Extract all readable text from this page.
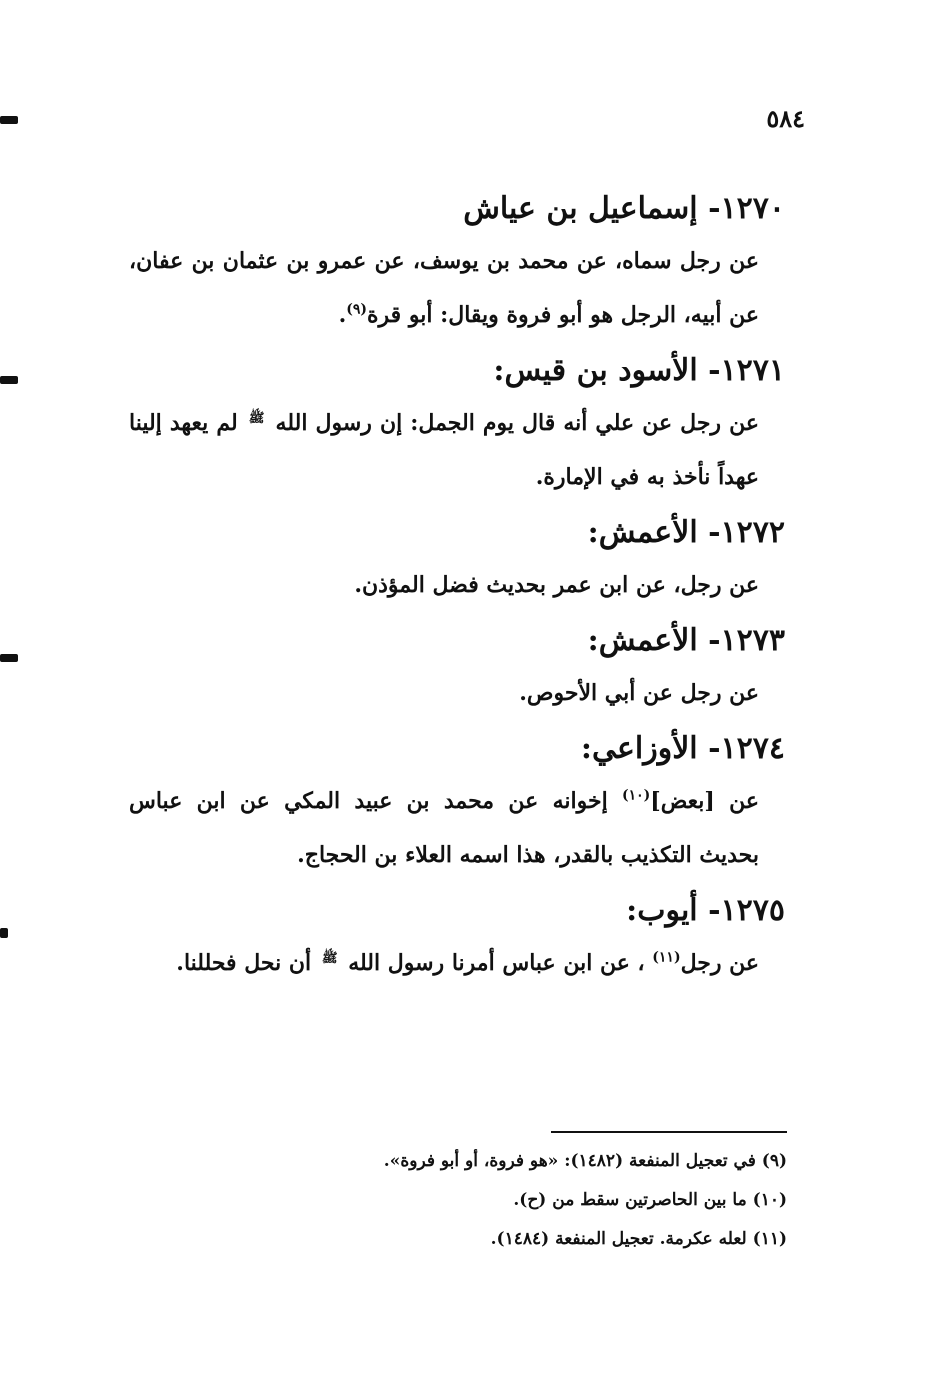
٥٨٤
١٢٧٠- إسماعيل بن عياش

عن رجل سماه، عن محمد بن يوسف، عن عمرو بن عثمان بن عفان، عن أبيه، الرجل هو أبو فروة ويقال: أبو قرة$^{(٩)}$.

١٢٧١- الأسود بن قيس:

عن رجل عن علي أنه قال يوم الجمل: إن رسول الله ﷺ لم يعهد إلينا عهداً نأخذ به في الإمارة.

١٢٧٢- الأعمش:

عن رجل، عن ابن عمر بحديث فضل المؤذن.

١٢٧٣- الأعمش:

عن رجل عن أبي الأحوص.

١٢٧٤- الأوزاعي:

عن [بعض]$^{(١٠)}$ إخوانه عن محمد بن عبيد المكي عن ابن عباس بحديث التكذيب بالقدر، هذا اسمه العلاء بن الحجاج.

١٢٧٥- أيوب:

عن رجل$^{(١١)}$ ، عن ابن عباس أمرنا رسول الله ﷺ أن نحل فحللنا.

(٩) في تعجيل المنفعة (١٤٨٢): «هو فروة، أو أبو فروة».

(١٠) ما بين الحاصرتين سقط من (ح).

(١١) لعله عكرمة. تعجيل المنفعة (١٤٨٤).
